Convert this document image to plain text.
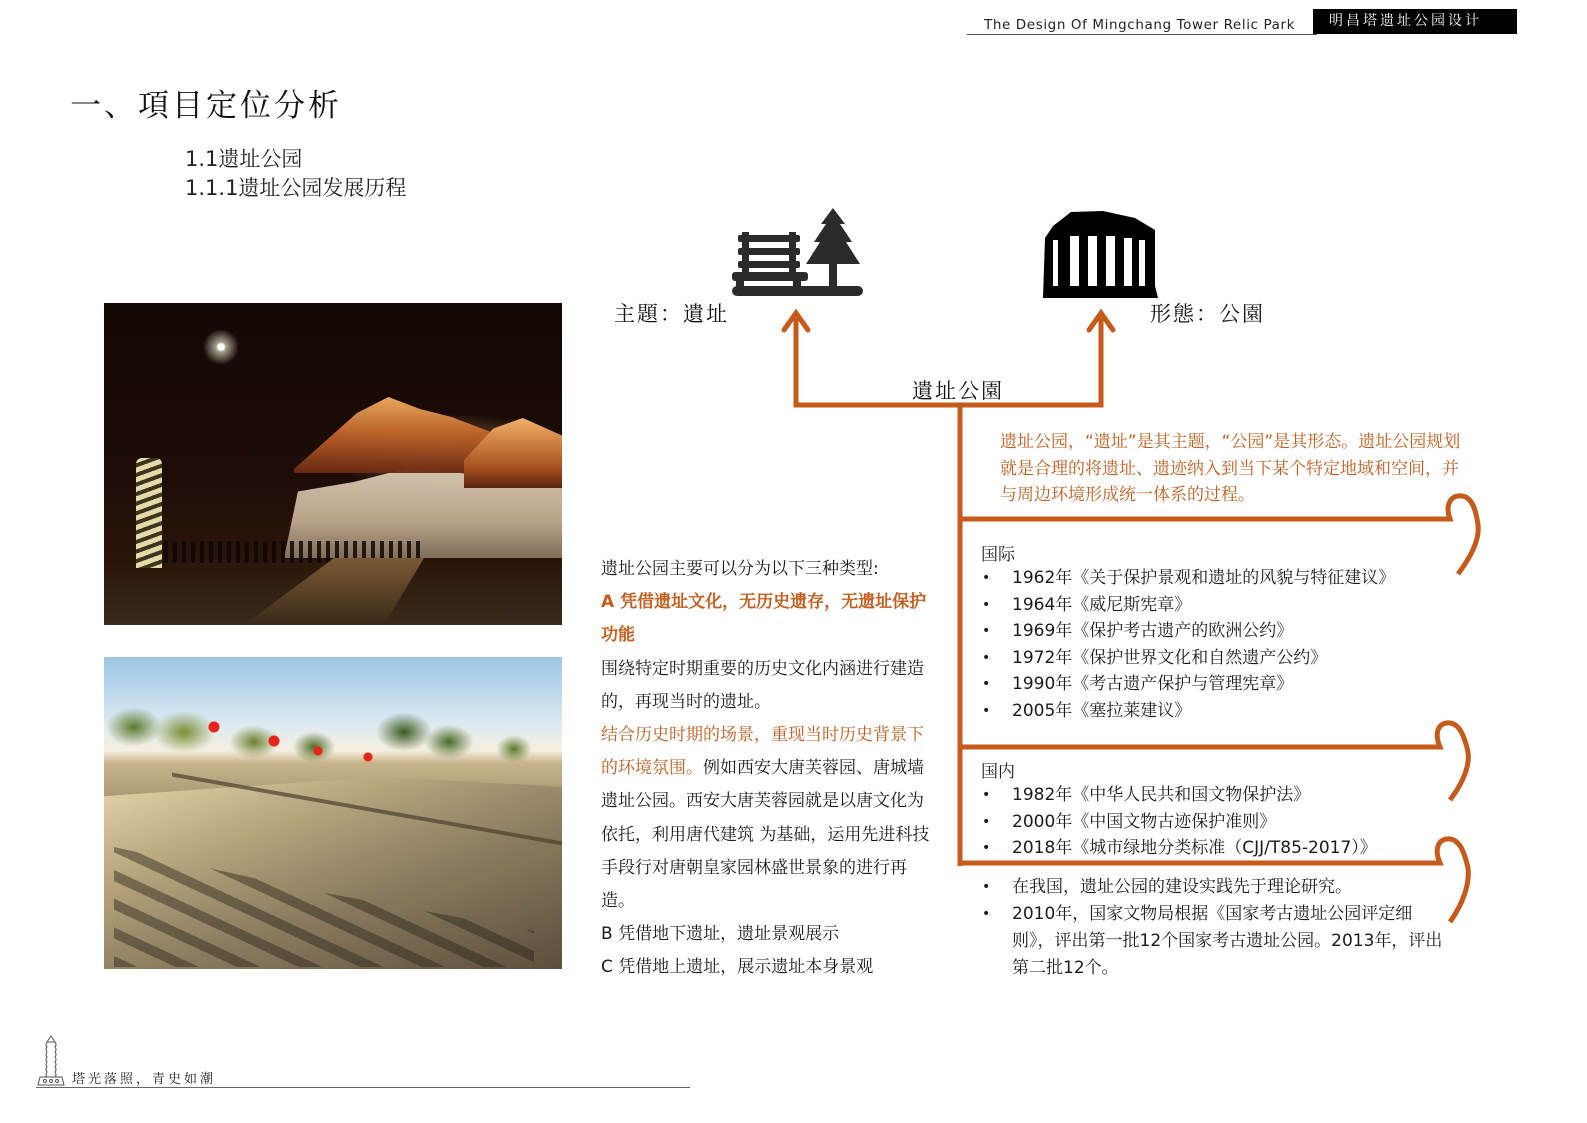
The Design Of Mingchang Tower Relic Park	明昌塔遗址公园设计
一、項目定位分析
1.1遗址公园
1.1.1遗址公园发展历程
主題：遺址	形態：公園
遺址公園
遗址公园，“遗址”是其主题，“公园”是其形态。遗址公园规划就是合理的将遗址、遗迹纳入到当下某个特定地域和空间，并与周边环境形成统一体系的过程。
国际
• 1962年《关于保护景观和遗址的风貌与特征建议》
• 1964年《威尼斯宪章》
• 1969年《保护考古遗产的欧洲公约》
• 1972年《保护世界文化和自然遗产公约》
• 1990年《考古遗产保护与管理宪章》
• 2005年《塞拉莱建议》
国内
• 1982年《中华人民共和国文物保护法》
• 2000年《中国文物古迹保护准则》
• 2018年《城市绿地分类标准（CJJ/T85-2017）》
• 在我国，遗址公园的建设实践先于理论研究。
• 2010年，国家文物局根据《国家考古遗址公园评定细则》，评出第一批12个国家考古遗址公园。2013年，评出第二批12个。
遗址公园主要可以分为以下三种类型:
A 凭借遗址文化，无历史遗存，无遗址保护功能
围绕特定时期重要的历史文化内涵进行建造的，再现当时的遗址。
结合历史时期的场景，重现当时历史背景下的环境氛围。例如西安大唐芙蓉园、唐城墙遗址公园。西安大唐芙蓉园就是以唐文化为依托，利用唐代建筑 为基础，运用先进科技手段行对唐朝皇家园林盛世景象的进行再造。
B 凭借地下遗址，遗址景观展示
C 凭借地上遗址，展示遗址本身景观
塔光落照，青史如潮
